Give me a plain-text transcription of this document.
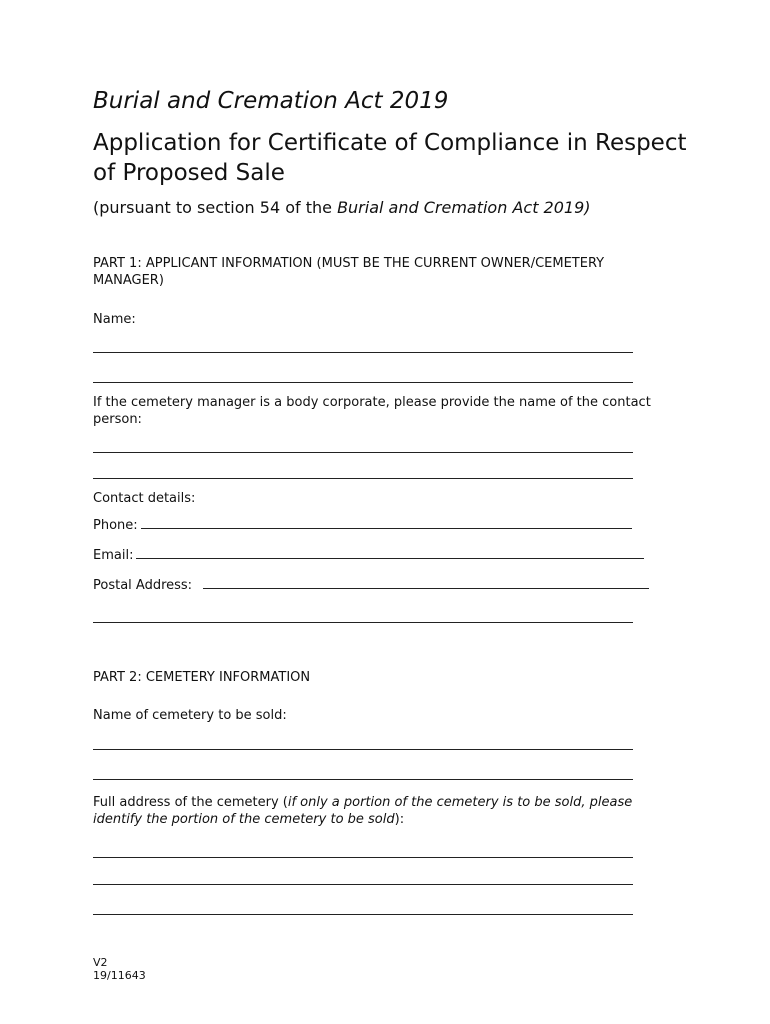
Burial and Cremation Act 2019
Application for Certificate of Compliance in Respect of Proposed Sale
(pursuant to section 54 of the Burial and Cremation Act 2019)
PART 1: APPLICANT INFORMATION (MUST BE THE CURRENT OWNER/CEMETERY MANAGER)
Name:
If the cemetery manager is a body corporate, please provide the name of the contact person:
Contact details:
Phone:
Email:
Postal Address:
PART 2: CEMETERY INFORMATION
Name of cemetery to be sold:
Full address of the cemetery (if only a portion of the cemetery is to be sold, please identify the portion of the cemetery to be sold):
V2
19/11643
